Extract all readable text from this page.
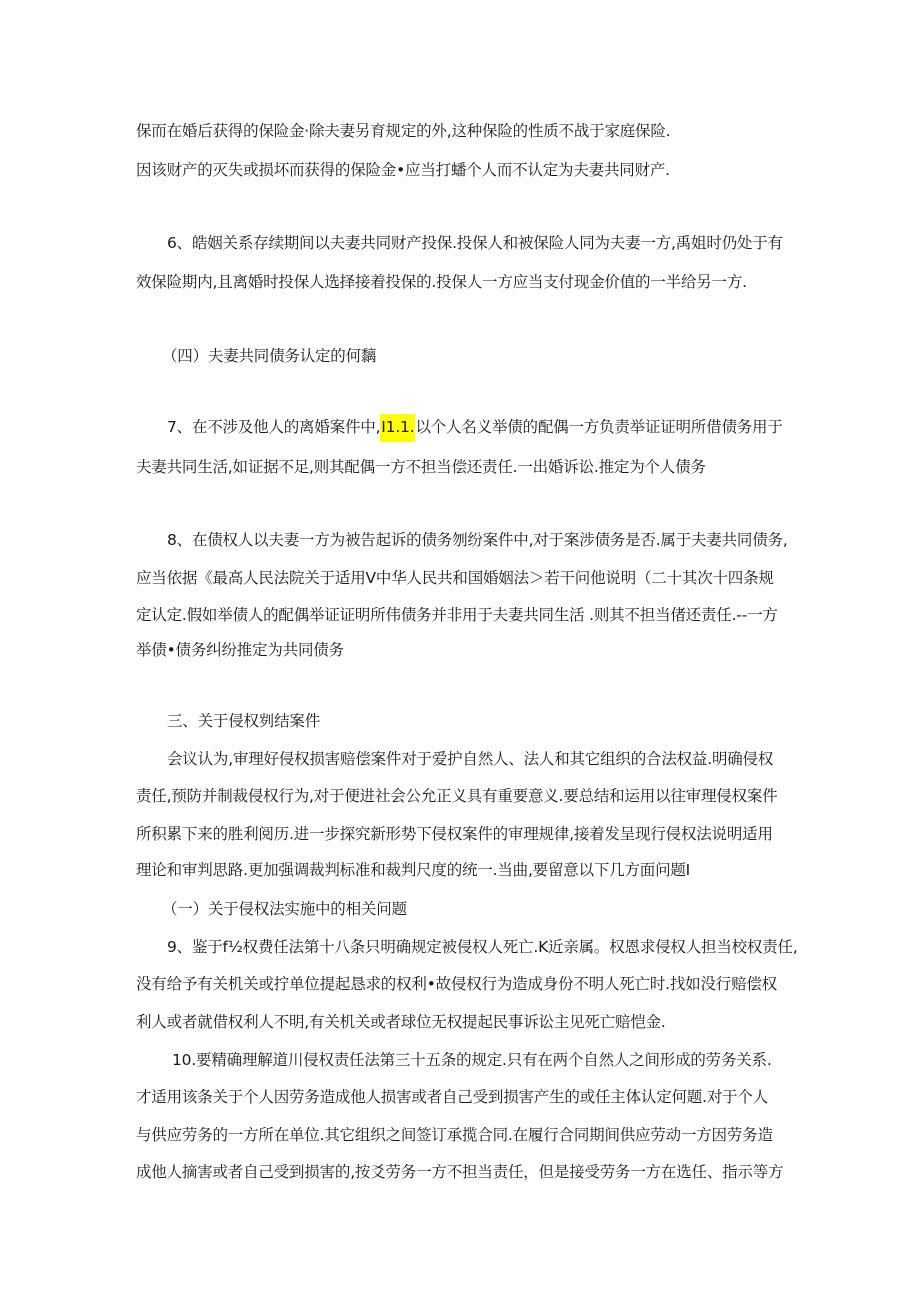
保而在婚后获得的保险金·除夫妻另育规定的外,这种保险的性质不战于家庭保险.
因该财产的灭失或损坏而获得的保险金•应当打蟠个人而不认定为夫妻共同财产.
6、皓姻关系存续期间以夫妻共同财产投保.投保人和被保险人同为夫妻一方,禹姐时仍处于有
效保险期内,且离婚时投保人选择接着投保的.投保人一方应当支付现金价值的一半给另一方.
（四）夫妻共同债务认定的何黐
7、在不涉及他人的离婚案件中,I1.1.以个人名义举债的配偶一方负责举证证明所借债务用于
夫妻共同生活,如证据不足,则其配偶一方不担当偿还责任.一出婚诉讼.推定为个人债务
8、在债权人以夫妻一方为被告起诉的债务刎纷案件中,对于案涉债务是否.属于夫妻共同债务,
应当依据《最高人民法院关于适用V中华人民共和国婚姻法＞若干问他说明（二十其次十四条规
定认定.假如举债人的配偶举证证明所伟债务并非用于夫妻共同生活 .则其不担当偖还责任.--一方
举债•债务纠纷推定为共同债务
三、关于侵权刿结案件
会议认为,审理好侵权损害赔偿案件对于爱护自然人、法人和其它组织的合法权益.明确侵权
责任,预防并制裁侵权行为,对于便进社会公允正义具有重要意义.要总结和运用以往审理侵权案件
所积累下来的胜利阅历.进一步探究新形势下侵权案件的审理规律,接着发呈现行侵权法说明适用
理论和审判思路.更加强调裁判标准和裁判尺度的统一.当曲,要留意以下几方面问题I
（一）关于侵权法实施中的相关问题
9、鉴于f½权费任法第十八条只明确规定被侵权人死亡.K近亲属。权恩求侵权人担当校权责任,
没有给予有关机关或拧单位提起恳求的权利•故侵权行为造成身份不明人死亡时.找如没行赔偿权
利人或者就借权利人不明,有关机关或者球位无权提起民事诉讼主见死亡赔恺金.
10.要精确理解道川侵权责任法第三十五条的规定.只有在两个自然人之间形成的劳务关系.
才适用该条关于个人因劳务造成他人损害或者自己受到损害产生的或任主体认定何题.对于个人
与供应劳务的一方所在单位.其它组织之间签订承揽合同.在履行合同期间供应劳动一方因劳务造
成他人摘害或者自己受到损害的,按爻劳务一方不担当责任，但是接受劳务一方在选任、指示等方
